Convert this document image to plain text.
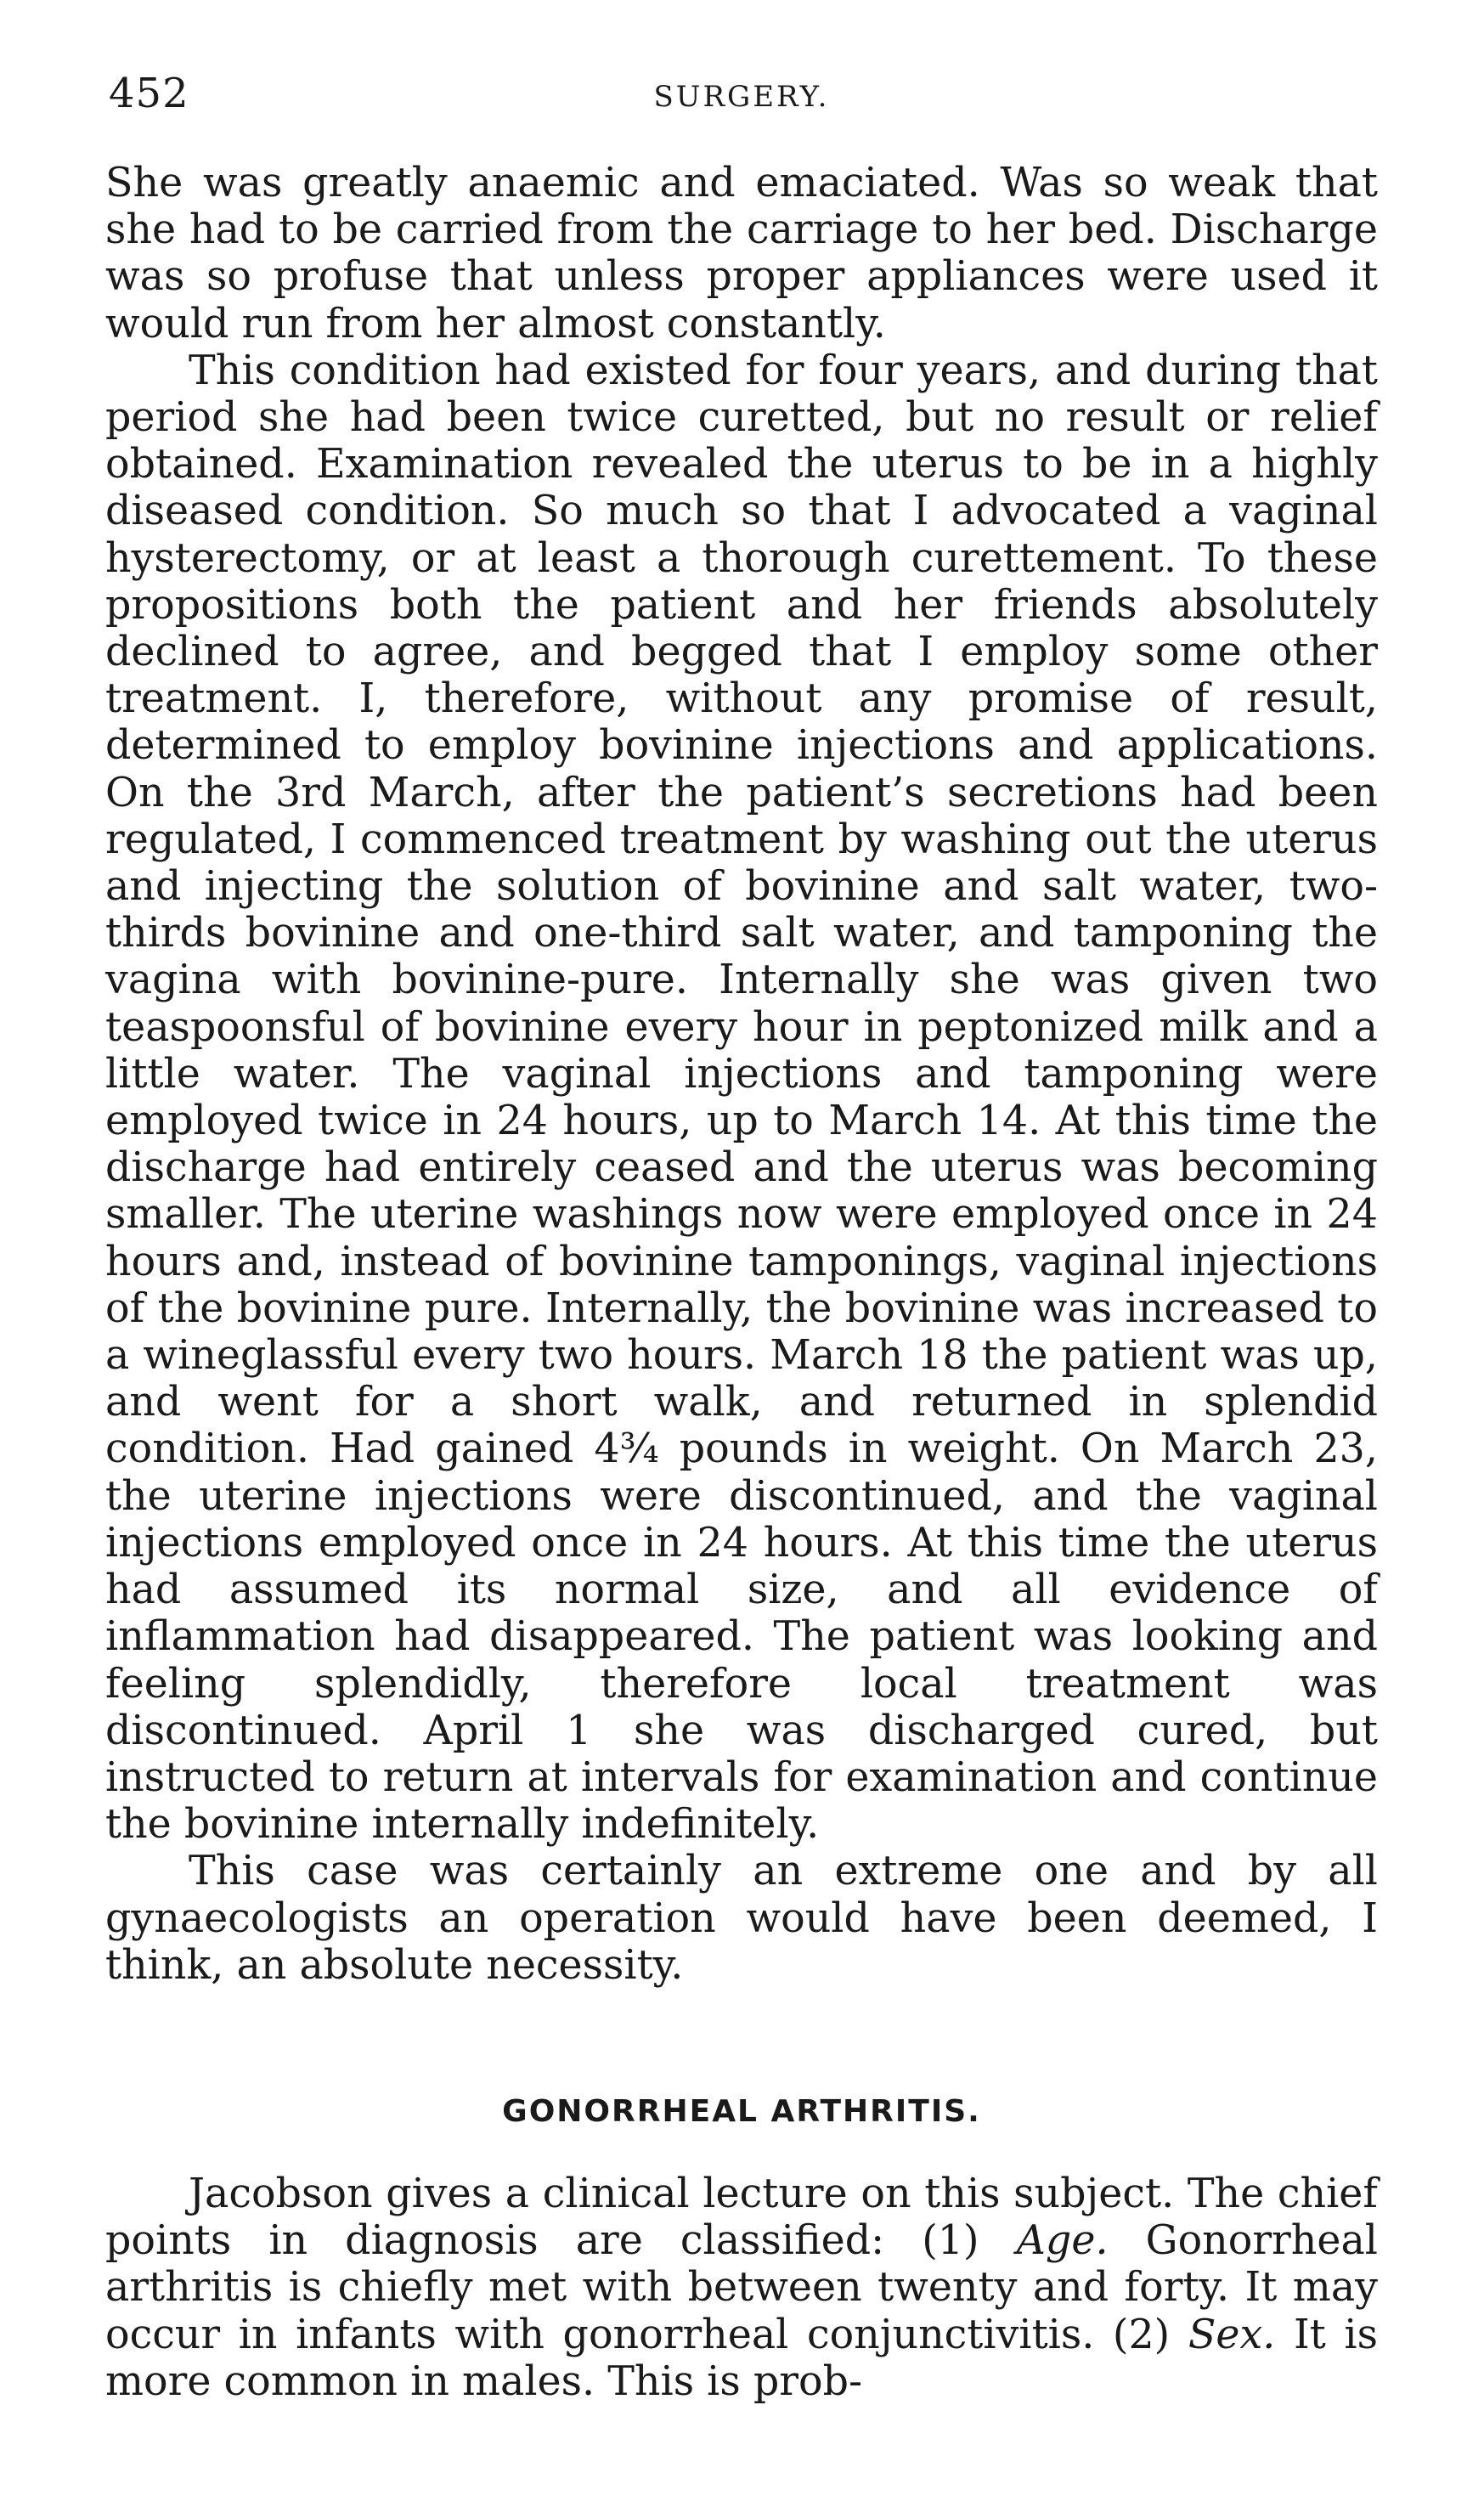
452	SURGERY.

She was greatly anaemic and emaciated. Was so weak that she had to be carried from the carriage to her bed. Discharge was so profuse that unless proper appliances were used it would run from her almost constantly.

This condition had existed for four years, and during that period she had been twice curetted, but no result or relief obtained. Examination revealed the uterus to be in a highly diseased condition. So much so that I advocated a vaginal hysterectomy, or at least a thorough curettement. To these propositions both the patient and her friends absolutely declined to agree, and begged that I employ some other treatment. I, therefore, without any promise of result, determined to employ bovinine injections and applications. On the 3rd March, after the patient’s secretions had been regulated, I commenced treatment by washing out the uterus and injecting the solution of bovinine and salt water, two-thirds bovinine and one-third salt water, and tamponing the vagina with bovinine-pure. Internally she was given two teaspoonsful of bovinine every hour in peptonized milk and a little water. The vaginal injections and tamponing were employed twice in 24 hours, up to March 14. At this time the discharge had entirely ceased and the uterus was becoming smaller. The uterine washings now were employed once in 24 hours and, instead of bovinine tamponings, vaginal injections of the bovinine pure. Internally, the bovinine was increased to a wineglassful every two hours. March 18 the patient was up, and went for a short walk, and returned in splendid condition. Had gained 4¾ pounds in weight. On March 23, the uterine injections were discontinued, and the vaginal injections employed once in 24 hours. At this time the uterus had assumed its normal size, and all evidence of inflammation had disappeared. The patient was looking and feeling splendidly, therefore local treatment was discontinued. April 1 she was discharged cured, but instructed to return at intervals for examination and continue the bovinine internally indefinitely.

This case was certainly an extreme one and by all gynaecologists an operation would have been deemed, I think, an absolute necessity.

GONORRHEAL ARTHRITIS.

Jacobson gives a clinical lecture on this subject. The chief points in diagnosis are classified: (1) Age. Gonorrheal arthritis is chiefly met with between twenty and forty. It may occur in infants with gonorrheal conjunctivitis. (2) Sex. It is more common in males. This is prob-
